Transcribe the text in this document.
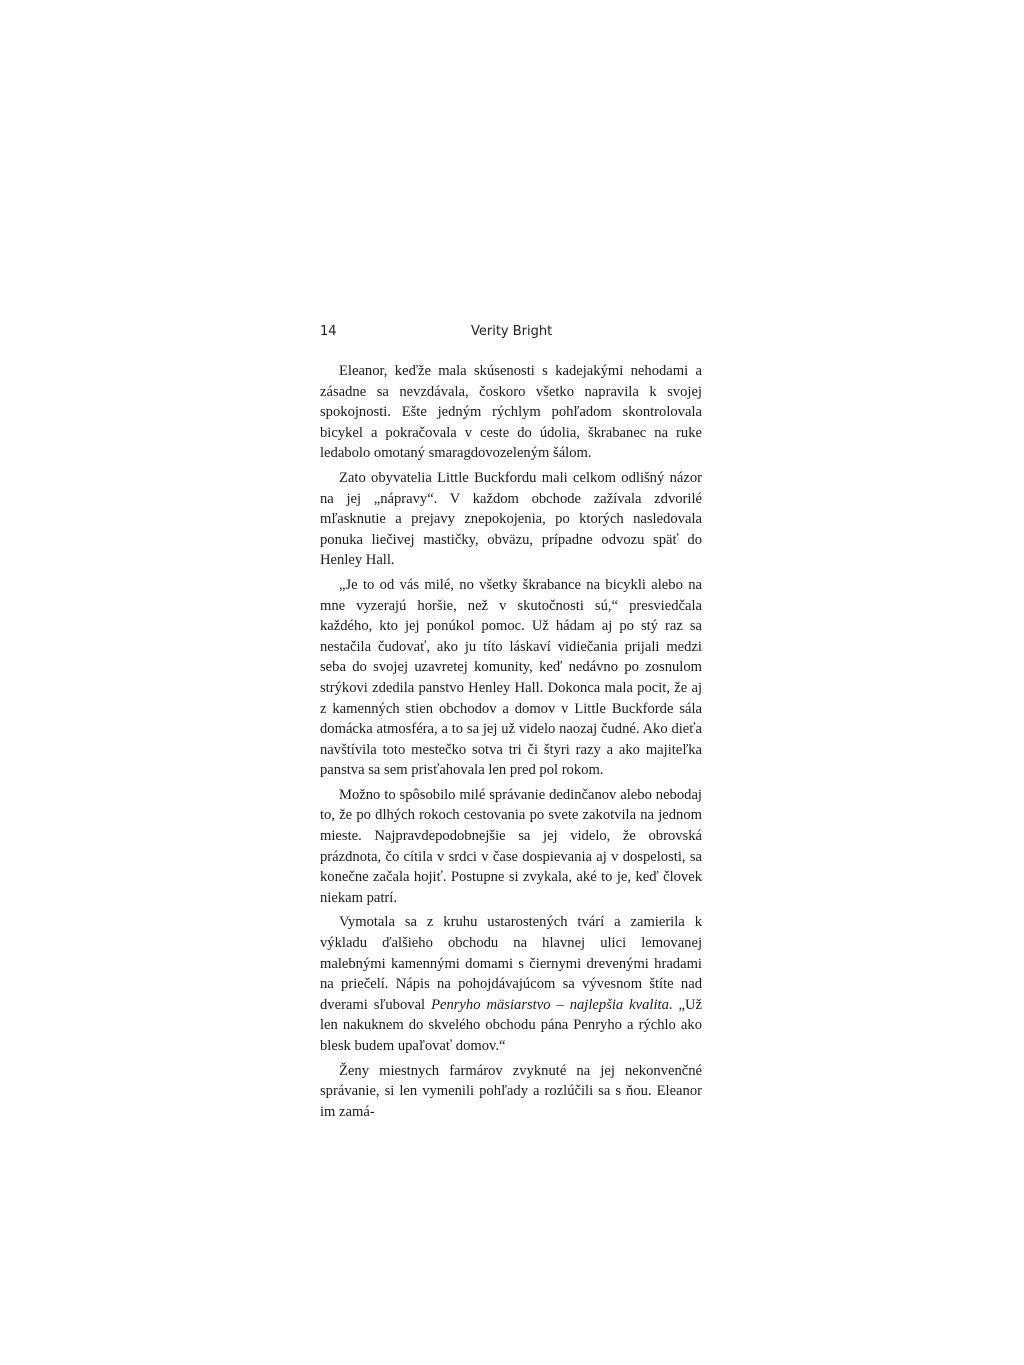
14	Verity Bright

Eleanor, keďže mala skúsenosti s kadejakými nehodami a zásadne sa nevzdávala, čoskoro všetko napravila k svojej spokojnosti. Ešte jedným rýchlym pohľadom skontrolovala bicykel a pokračovala v ceste do údolia, škrabanec na ruke ledabolo omotaný smaragdovozeleným šálom.

Zato obyvatelia Little Buckfordu mali celkom odlišný názor na jej „nápravy“. V každom obchode zažívala zdvorilé mľasknutie a prejavy znepokojenia, po ktorých nasledovala ponuka liečivej mastičky, obväzu, prípadne odvozu späť do Henley Hall.

„Je to od vás milé, no všetky škrabance na bicykli alebo na mne vyzerajú horšie, než v skutočnosti sú,“ presviedčala každého, kto jej ponúkol pomoc. Už hádam aj po stý raz sa nestačila čudovať, ako ju títo láskaví vidiečania prijali medzi seba do svojej uzavretej komunity, keď nedávno po zosnulom strýkovi zdedila panstvo Henley Hall. Dokonca mala pocit, že aj z kamenných stien obchodov a domov v Little Buckforde sála domácka atmosféra, a to sa jej už videlo naozaj čudné. Ako dieťa navštívila toto mestečko sotva tri či štyri razy a ako majiteľka panstva sa sem prisťahovala len pred pol rokom.

Možno to spôsobilo milé správanie dedinčanov alebo nebodaj to, že po dlhých rokoch cestovania po svete zakotvila na jednom mieste. Najpravdepodobnejšie sa jej videlo, že obrovská prázdnota, čo cítila v srdci v čase dospievania aj v dospelosti, sa konečne začala hojiť. Postupne si zvykala, aké to je, keď človek niekam patrí.

Vymotala sa z kruhu ustarostených tvárí a zamierila k výkladu ďalšieho obchodu na hlavnej ulici lemovanej malebnými kamennými domami s čiernymi drevenými hradami na priečelí. Nápis na pohojdávajúcom sa vývesnom štíte nad dverami sľuboval Penryho mäsiarstvo – najlepšia kvalita. „Už len nakuknem do skvelého obchodu pána Penryho a rýchlo ako blesk budem upaľovať domov.“

Ženy miestnych farmárov zvyknuté na jej nekonvenčné správanie, si len vymenili pohľady a rozlúčili sa s ňou. Eleanor im zamá-
